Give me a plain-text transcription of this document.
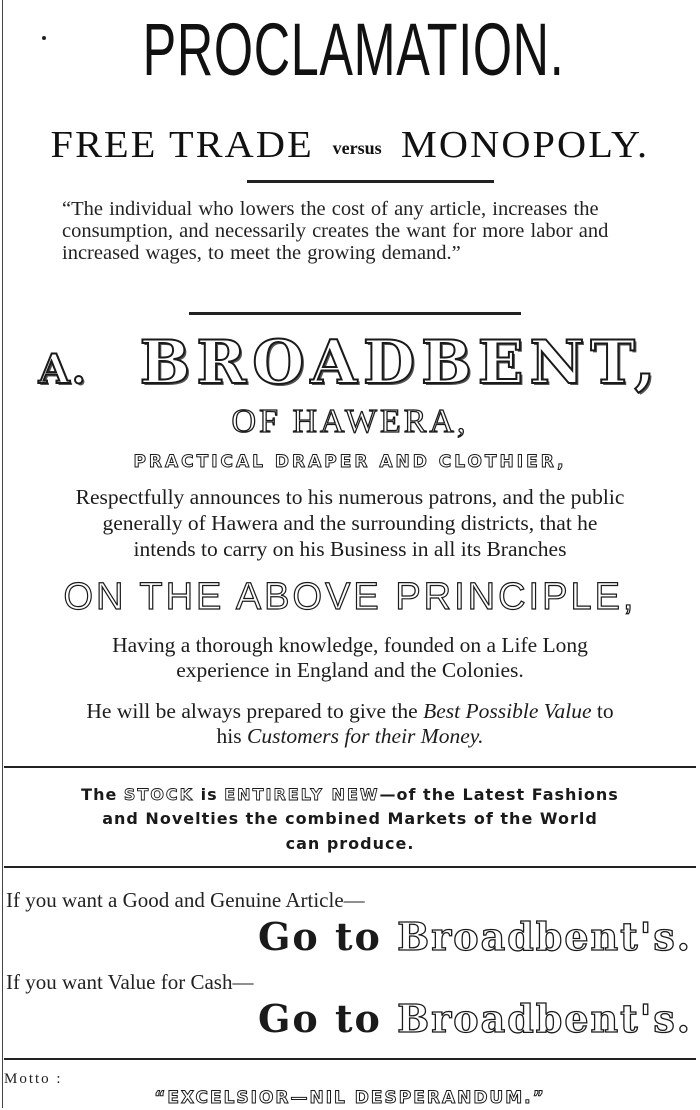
PROCLAMATION.
FREE TRADE versus MONOPOLY.
“The individual who lowers the cost of any article, increases the consumption, and necessarily creates the want for more labor and increased wages, to meet the growing demand.”
A. BROADBENT,
OF HAWERA,
PRACTICAL DRAPER AND CLOTHIER,
Respectfully announces to his numerous patrons, and the public
generally of Hawera and the surrounding districts, that he
intends to carry on his Business in all its Branches
ON THE ABOVE PRINCIPLE,
Having a thorough knowledge, founded on a Life Long
experience in England and the Colonies.
He will be always prepared to give the Best Possible Value to
his Customers for their Money.
The STOCK is ENTIRELY NEW—of the Latest Fashions
and Novelties the combined Markets of the World
can produce.
If you want a Good and Genuine Article—
Go to Broadbent's.
If you want Value for Cash—
Go to Broadbent's.
Motto :
“EXCELSIOR—NIL DESPERANDUM.”
